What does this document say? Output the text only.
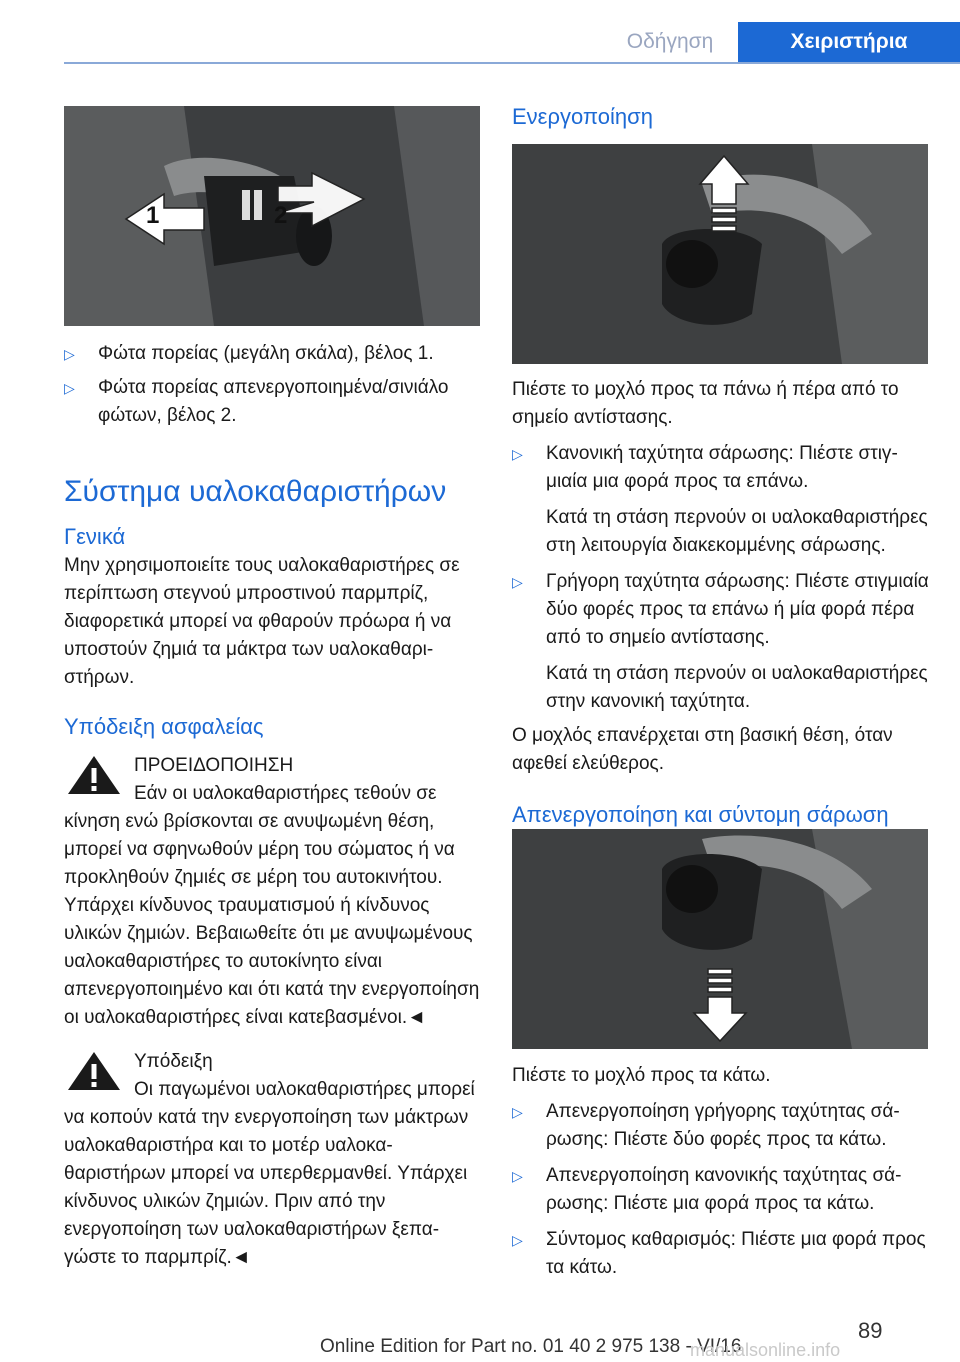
Οδήγηση	Χειριστήρια
1	2
▷ Φώτα πορείας (μεγάλη σκάλα), βέλος 1.
▷ Φώτα πορείας απενεργοποιημένα/σινιάλο φώτων, βέλος 2.
Σύστημα υαλοκαθαριστήρων
Γενικά

Μην χρησιμοποιείτε τους υαλοκαθαριστήρες σε περίπτωση στεγνού μπροστινού παρμπρίζ, διαφορετικά μπορεί να φθαρούν πρόωρα ή να υποστούν ζημιά τα μάκτρα των υαλοκαθαριστήρων.

Υπόδειξη ασφαλείας

ΠΡΟΕΙΔΟΠΟΙΗΣΗ

Εάν οι υαλοκαθαριστήρες τεθούν σε κίνηση ενώ βρίσκονται σε ανυψωμένη θέση, μπορεί να σφηνωθούν μέρη του σώματος ή να προκληθούν ζημιές σε μέρη του αυτοκινήτου. Υπάρχει κίνδυνος τραυματισμού ή κίνδυνος υλικών ζημιών. Βεβαιωθείτε ότι με ανυψωμένους υαλοκαθαριστήρες το αυτοκίνητο είναι απενεργοποιημένο και ότι κατά την ενεργοποίηση οι υαλοκαθαριστήρες είναι κατεβασμένοι.◄

Υπόδειξη

Οι παγωμένοι υαλοκαθαριστήρες μπορεί να κοπούν κατά την ενεργοποίηση των μάκτρων υαλοκαθαριστήρα και το μοτέρ υαλοκαθαριστήρων μπορεί να υπερθερμανθεί. Υπάρχει κίνδυνος υλικών ζημιών. Πριν από την ενεργοποίηση των υαλοκαθαριστήρων ξεπαγώστε το παρμπρίζ.◄

Ενεργοποίηση

Πιέστε το μοχλό προς τα πάνω ή πέρα από το σημείο αντίστασης.

▷ Κανονική ταχύτητα σάρωσης: Πιέστε στιγμιαία μια φορά προς τα επάνω.

Κατά τη στάση περνούν οι υαλοκαθαριστήρες στη λειτουργία διακεκομμένης σάρωσης.

▷ Γρήγορη ταχύτητα σάρωσης: Πιέστε στιγμιαία δύο φορές προς τα επάνω ή μία φορά πέρα από το σημείο αντίστασης.

Κατά τη στάση περνούν οι υαλοκαθαριστήρες στην κανονική ταχύτητα.

Ο μοχλός επανέρχεται στη βασική θέση, όταν αφεθεί ελεύθερος.

Απενεργοποίηση και σύντομη σάρωση

Πιέστε το μοχλό προς τα κάτω.

▷ Απενεργοποίηση γρήγορης ταχύτητας σάρωσης: Πιέστε δύο φορές προς τα κάτω.
▷ Απενεργοποίηση κανονικής ταχύτητας σάρωσης: Πιέστε μια φορά προς τα κάτω.
▷ Σύντομος καθαρισμός: Πιέστε μια φορά προς τα κάτω.
89
Online Edition for Part no. 01 40 2 975 138 - VI/16
manualsonline.info
